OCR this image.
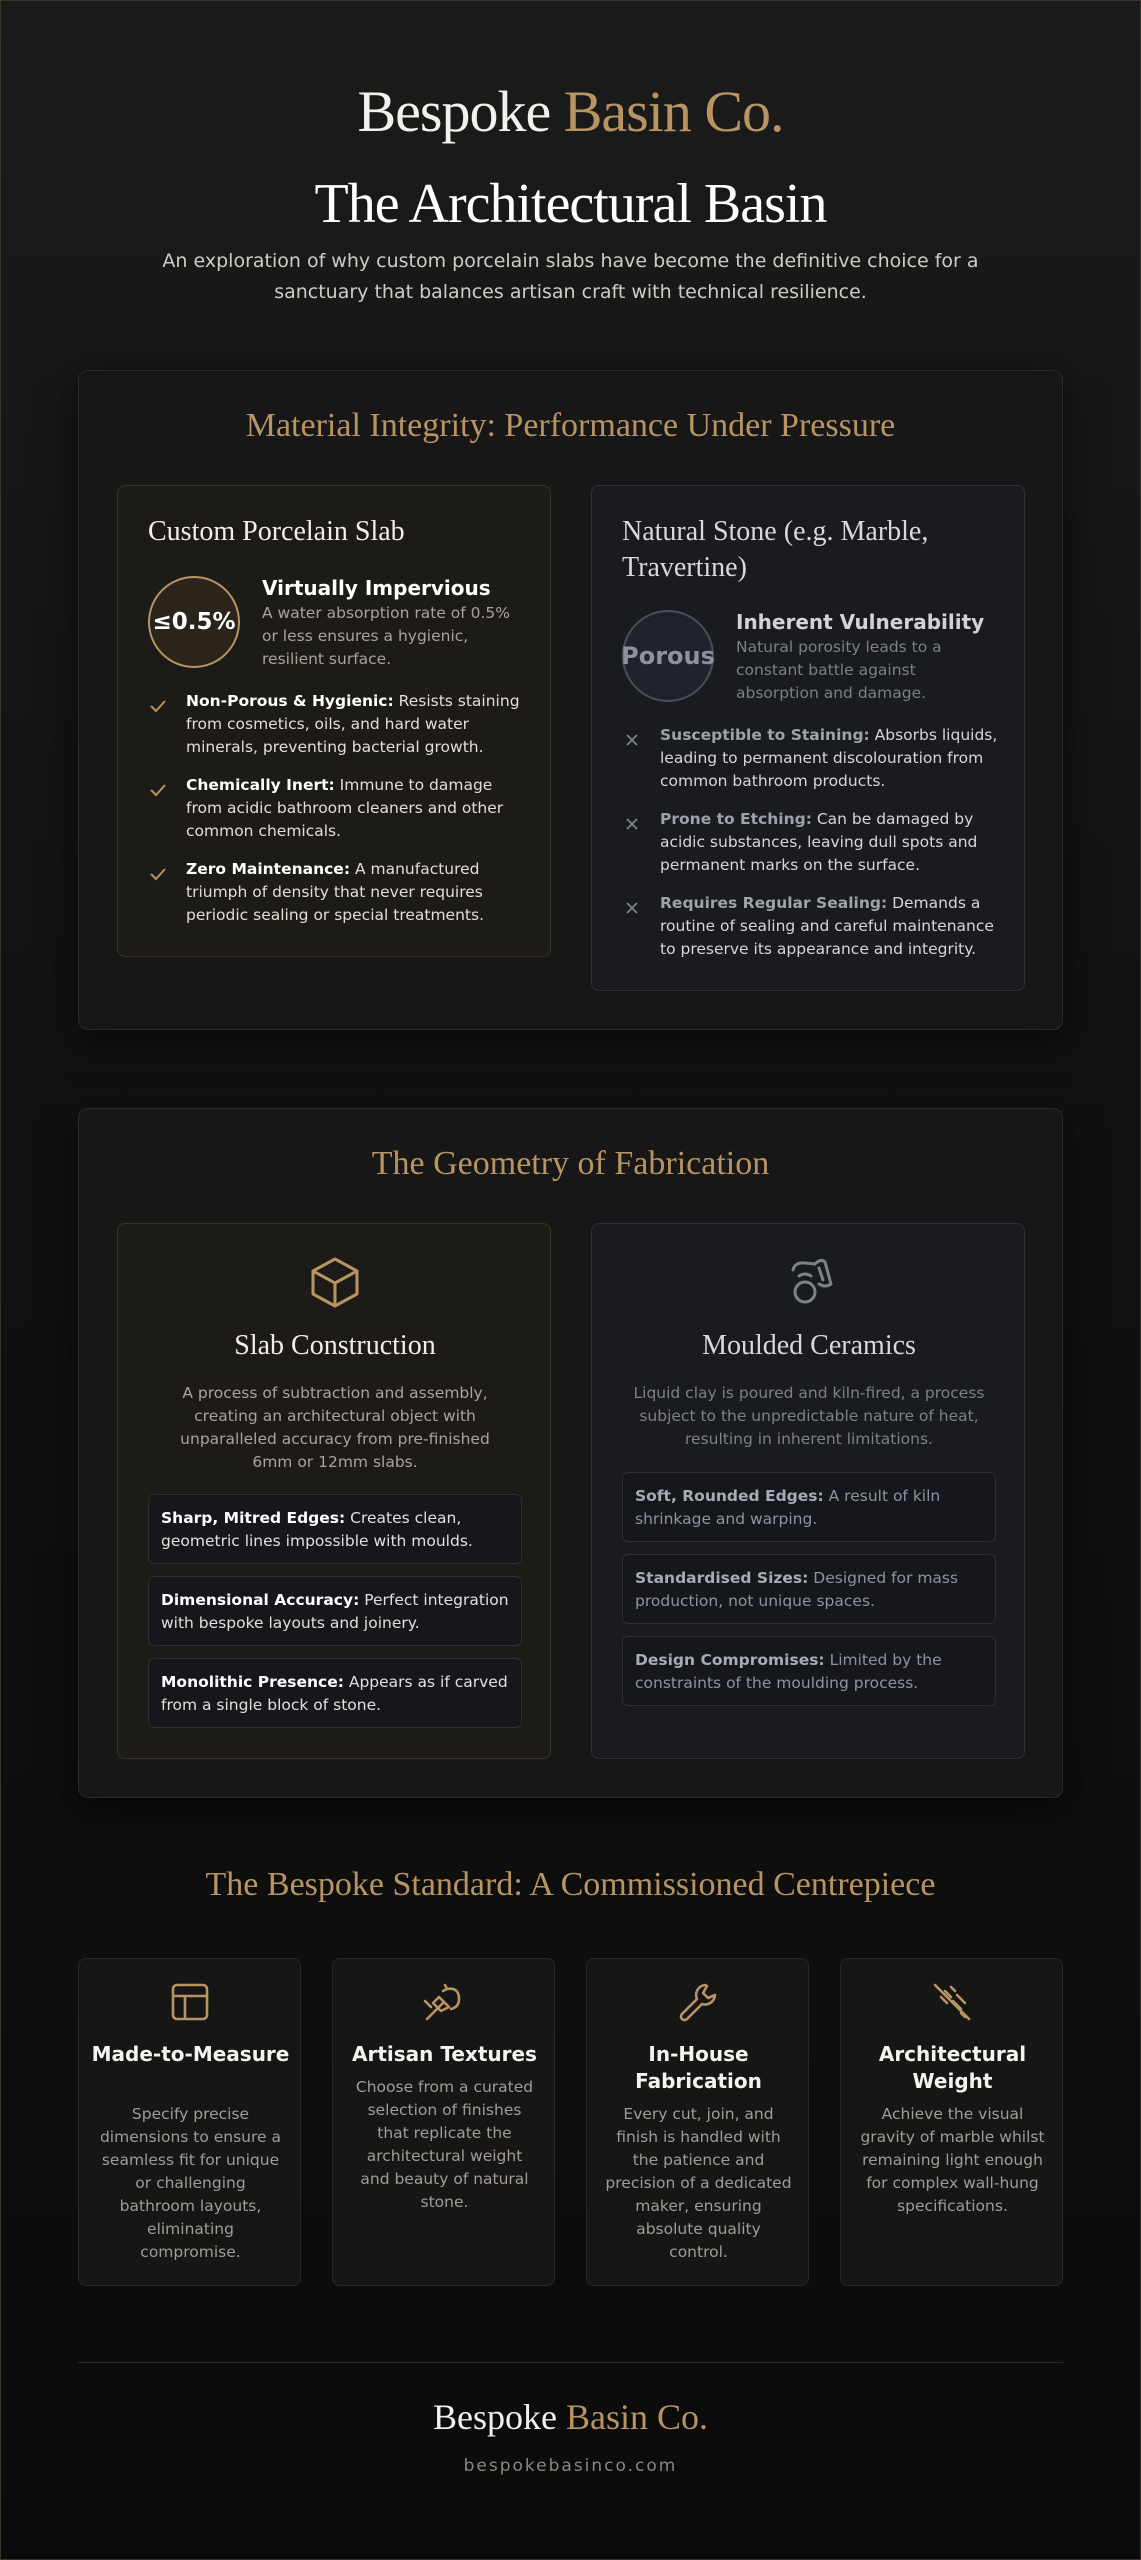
Bespoke Basin Co.
The Architectural Basin
An exploration of why custom porcelain slabs have become the definitive choice for a sanctuary that balances artisan craft with technical resilience.
Material Integrity: Performance Under Pressure
Custom Porcelain Slab
≤0.5%
Virtually Impervious
A water absorption rate of 0.5% or less ensures a hygienic, resilient surface.
Non-Porous & Hygienic: Resists staining from cosmetics, oils, and hard water minerals, preventing bacterial growth.
Chemically Inert: Immune to damage from acidic bathroom cleaners and other common chemicals.
Zero Maintenance: A manufactured triumph of density that never requires periodic sealing or special treatments.
Natural Stone (e.g. Marble, Travertine)
Porous
Inherent Vulnerability
Natural porosity leads to a constant battle against absorption and damage.
Susceptible to Staining: Absorbs liquids, leading to permanent discolouration from common bathroom products.
Prone to Etching: Can be damaged by acidic substances, leaving dull spots and permanent marks on the surface.
Requires Regular Sealing: Demands a routine of sealing and careful maintenance to preserve its appearance and integrity.
The Geometry of Fabrication
Slab Construction
A process of subtraction and assembly, creating an architectural object with unparalleled accuracy from pre-finished 6mm or 12mm slabs.
Sharp, Mitred Edges: Creates clean, geometric lines impossible with moulds.
Dimensional Accuracy: Perfect integration with bespoke layouts and joinery.
Monolithic Presence: Appears as if carved from a single block of stone.
Moulded Ceramics
Liquid clay is poured and kiln-fired, a process subject to the unpredictable nature of heat, resulting in inherent limitations.
Soft, Rounded Edges: A result of kiln shrinkage and warping.
Standardised Sizes: Designed for mass production, not unique spaces.
Design Compromises: Limited by the constraints of the moulding process.
The Bespoke Standard: A Commissioned Centrepiece
Made-to-Measure
Specify precise dimensions to ensure a seamless fit for unique or challenging bathroom layouts, eliminating compromise.
Artisan Textures
Choose from a curated selection of finishes that replicate the architectural weight and beauty of natural stone.
In-House Fabrication
Every cut, join, and finish is handled with the patience and precision of a dedicated maker, ensuring absolute quality control.
Architectural Weight
Achieve the visual gravity of marble whilst remaining light enough for complex wall-hung specifications.
Bespoke Basin Co.
bespokebasinco.com
